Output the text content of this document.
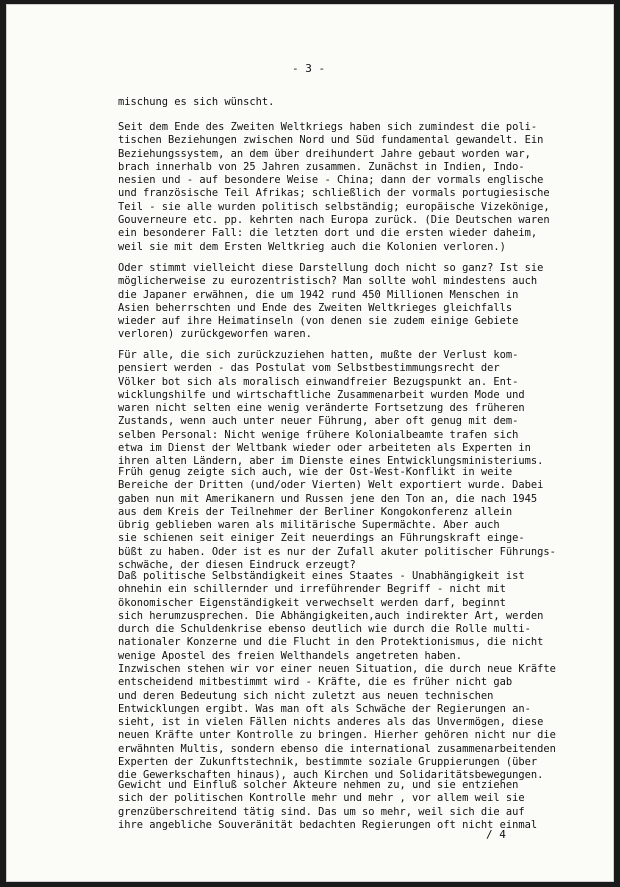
- 3 -
mischung es sich wünscht.
Seit dem Ende des Zweiten Weltkriegs haben sich zumindest die poli-
tischen Beziehungen zwischen Nord und Süd fundamental gewandelt. Ein
Beziehungssystem, an dem über dreihundert Jahre gebaut worden war,
brach innerhalb von 25 Jahren zusammen. Zunächst in Indien, Indo-
nesien und - auf besondere Weise - China; dann der vormals englische
und französische Teil Afrikas; schließlich der vormals portugiesische
Teil - sie alle wurden politisch selbständig; europäische Vizekönige,
Gouverneure etc. pp. kehrten nach Europa zurück. (Die Deutschen waren
ein besonderer Fall: die letzten dort und die ersten wieder daheim,
weil sie mit dem Ersten Weltkrieg auch die Kolonien verloren.)
Oder stimmt vielleicht diese Darstellung doch nicht so ganz? Ist sie
möglicherweise zu eurozentristisch? Man sollte wohl mindestens auch
die Japaner erwähnen, die um 1942 rund 450 Millionen Menschen in
Asien beherrschten und Ende des Zweiten Weltkrieges gleichfalls
wieder auf ihre Heimatinseln (von denen sie zudem einige Gebiete
verloren) zurückgeworfen waren.
Für alle, die sich zurückzuziehen hatten, mußte der Verlust kom-
pensiert werden - das Postulat vom Selbstbestimmungsrecht der
Völker bot sich als moralisch einwandfreier Bezugspunkt an. Ent-
wicklungshilfe und wirtschaftliche Zusammenarbeit wurden Mode und
waren nicht selten eine wenig veränderte Fortsetzung des früheren
Zustands, wenn auch unter neuer Führung, aber oft genug mit dem-
selben Personal: Nicht wenige frühere Kolonialbeamte trafen sich
etwa im Dienst der Weltbank wieder oder arbeiteten als Experten in
ihren alten Ländern, aber im Dienste eines Entwicklungsministeriums.
Früh genug zeigte sich auch, wie der Ost-West-Konflikt in weite
Bereiche der Dritten (und/oder Vierten) Welt exportiert wurde. Dabei
gaben nun mit Amerikanern und Russen jene den Ton an, die nach 1945
aus dem Kreis der Teilnehmer der Berliner Kongokonferenz allein
übrig geblieben waren als militärische Supermächte. Aber auch
sie schienen seit einiger Zeit neuerdings an Führungskraft einge-
büßt zu haben. Oder ist es nur der Zufall akuter politischer Führungs-
schwäche, der diesen Eindruck erzeugt?
Daß politische Selbständigkeit eines Staates - Unabhängigkeit ist
ohnehin ein schillernder und irreführender Begriff - nicht mit
ökonomischer Eigenständigkeit verwechselt werden darf, beginnt
sich herumzusprechen. Die Abhängigkeiten,auch indirekter Art, werden
durch die Schuldenkrise ebenso deutlich wie durch die Rolle multi-
nationaler Konzerne und die Flucht in den Protektionismus, die nicht
wenige Apostel des freien Welthandels angetreten haben.
Inzwischen stehen wir vor einer neuen Situation, die durch neue Kräfte
entscheidend mitbestimmt wird - Kräfte, die es früher nicht gab
und deren Bedeutung sich nicht zuletzt aus neuen technischen
Entwicklungen ergibt. Was man oft als Schwäche der Regierungen an-
sieht, ist in vielen Fällen nichts anderes als das Unvermögen, diese
neuen Kräfte unter Kontrolle zu bringen. Hierher gehören nicht nur die
erwähnten Multis, sondern ebenso die international zusammenarbeitenden
Experten der Zukunftstechnik, bestimmte soziale Gruppierungen (über
die Gewerkschaften hinaus), auch Kirchen und Solidaritätsbewegungen.
Gewicht und Einfluß solcher Akteure nehmen zu, und sie entziehen
sich der politischen Kontrolle mehr und mehr , vor allem weil sie
grenzüberschreitend tätig sind. Das um so mehr, weil sich die auf
ihre angebliche Souveränität bedachten Regierungen oft nicht einmal
/ 4
